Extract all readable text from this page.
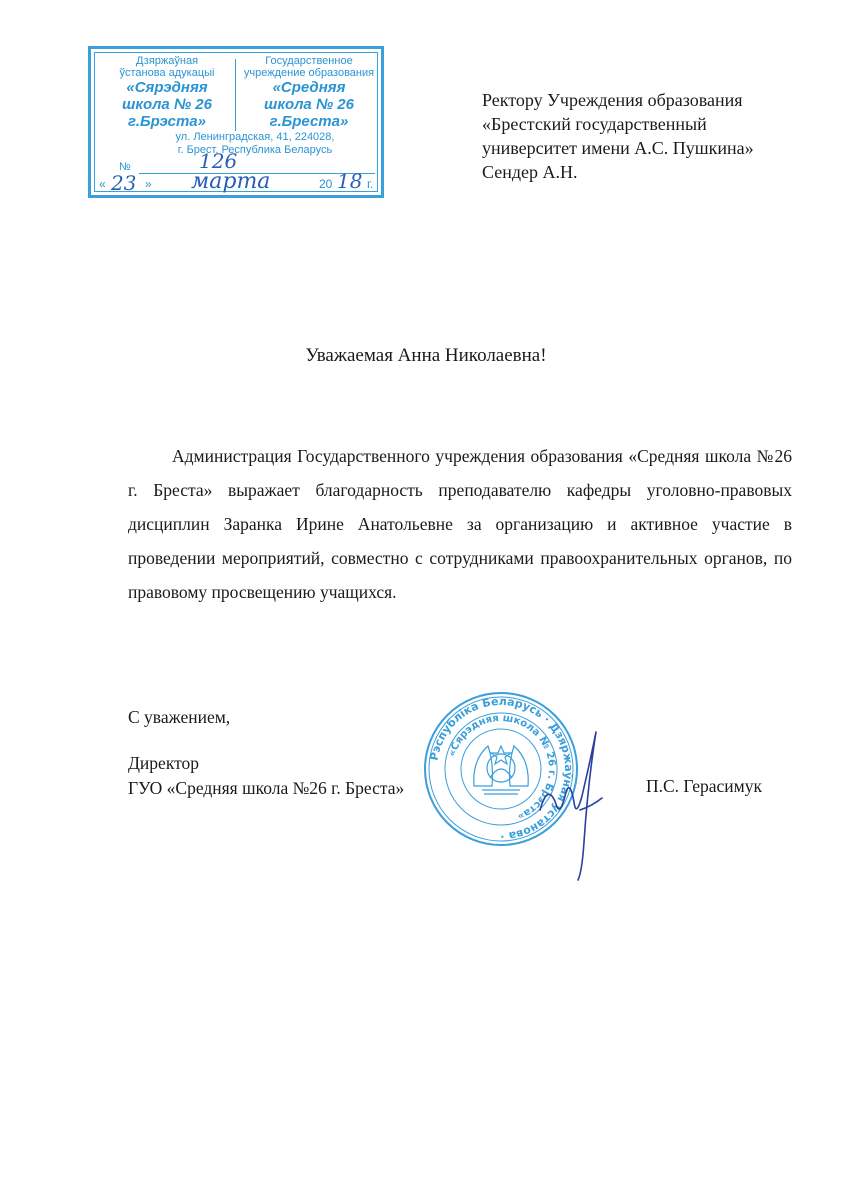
Дзяржаўная
ўстанова адукацыі
«Сярэдняя
школа № 26
г.Брэста»
Государственное
учреждение образования
«Средняя
школа № 26
г.Бреста»
ул. Ленинградская, 41, 224028,
г. Брест, Республика Беларусь
№	126
« 23 » марта	20 18 г.
Ректору Учреждения образования
«Брестский государственный
университет имени А.С. Пушкина»
Сендер А.Н.
Уважаемая Анна Николаевна!
Администрация Государственного учреждения образования «Средняя школа №26 г. Бреста» выражает благодарность преподавателю кафедры уголовно-правовых дисциплин Заранка Ирине Анатольевне за организацию и активное участие в проведении мероприятий, совместно с сотрудниками правоохранительных органов, по правовому просвещению учащихся.
С уважением,
Директор
ГУО «Средняя школа №26 г. Бреста»	П.С. Герасимук
Рэспубліка Беларусь · Дзяржаўная ўстанова ·
«Сярэдняя школа № 26 г. Брэста»
